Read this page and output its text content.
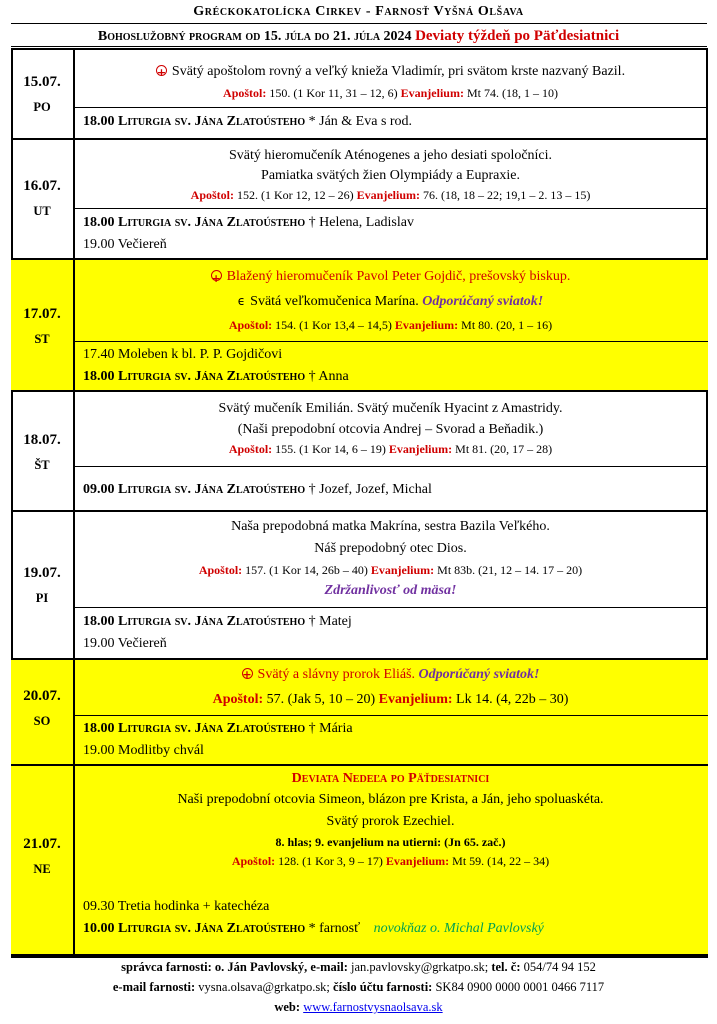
Gréckokatolícka Cirkev - Farnosť Vyšná Olšava
Bohoslužobný program od 15. júla do 21. júla 2024 Deviaty týždeň po Päťdesiatnici
15.07.
PO
+Svätý apoštolom rovný a veľký knieža Vladimír, pri svätom krste nazvaný Bazil.
Apoštol: 150. (1 Kor 11, 31 – 12, 6) Evanjelium: Mt 74. (18, 1 – 10)
18.00 Liturgia sv. Jána Zlatoústeho * Ján & Eva s rod.
16.07.
UT
Svätý hieromučeník Aténogenes a jeho desiati spoločníci.
Pamiatka svätých žien Olympiády a Eupraxie.
Apoštol: 152. (1 Kor 12, 12 – 26) Evanjelium: 76. (18, 18 – 22; 19,1 – 2. 13 – 15)
18.00 Liturgia sv. Jána Zlatoústeho † Helena, Ladislav
19.00 Večiereň
17.07.
ST
+Blažený hieromučeník Pavol Peter Gojdič, prešovský biskup.
ϵ Svätá veľkomučenica Marína. Odporúčaný sviatok!
Apoštol: 154. (1 Kor 13,4 – 14,5) Evanjelium: Mt 80. (20, 1 – 16)
17.40 Moleben k bl. P. P. Gojdičovi
18.00 Liturgia sv. Jána Zlatoústeho † Anna
18.07.
ŠT
Svätý mučeník Emilián. Svätý mučeník Hyacint z Amastridy.
(Naši prepodobní otcovia Andrej – Svorad a Beňadik.)
Apoštol: 155. (1 Kor 14, 6 – 19) Evanjelium: Mt 81. (20, 17 – 28)
09.00 Liturgia sv. Jána Zlatoústeho † Jozef, Jozef, Michal
19.07.
PI
Naša prepodobná matka Makrína, sestra Bazila Veľkého.
Náš prepodobný otec Dios.
Apoštol: 157. (1 Kor 14, 26b – 40) Evanjelium: Mt 83b. (21, 12 – 14. 17 – 20)
Zdržanlivosť od mäsa!
18.00 Liturgia sv. Jána Zlatoústeho † Matej
19.00 Večiereň
20.07.
SO
+Svätý a slávny prorok Eliáš. Odporúčaný sviatok!
Apoštol: 57. (Jak 5, 10 – 20) Evanjelium: Lk 14. (4, 22b – 30)
18.00 Liturgia sv. Jána Zlatoústeho † Mária
19.00 Modlitby chvál
21.07.
NE
Deviata Nedeľa po Päťdesiatnici
Naši prepodobní otcovia Simeon, blázon pre Krista, a Ján, jeho spoluaskéta.
Svätý prorok Ezechiel.
8. hlas; 9. evanjelium na utierni: (Jn 65. zač.)
Apoštol: 128. (1 Kor 3, 9 – 17) Evanjelium: Mt 59. (14, 22 – 34)
09.30 Tretia hodinka + katechéza
10.00 Liturgia sv. Jána Zlatoústeho * farnosť novokňaz o. Michal Pavlovský
správca farnosti: o. Ján Pavlovský, e-mail: jan.pavlovsky@grkatpo.sk; tel. č: 054/74 94 152
e-mail farnosti: vysna.olsava@grkatpo.sk; číslo účtu farnosti: SK84 0900 0000 0001 0466 7117
web: www.farnostvysnaolsava.sk
